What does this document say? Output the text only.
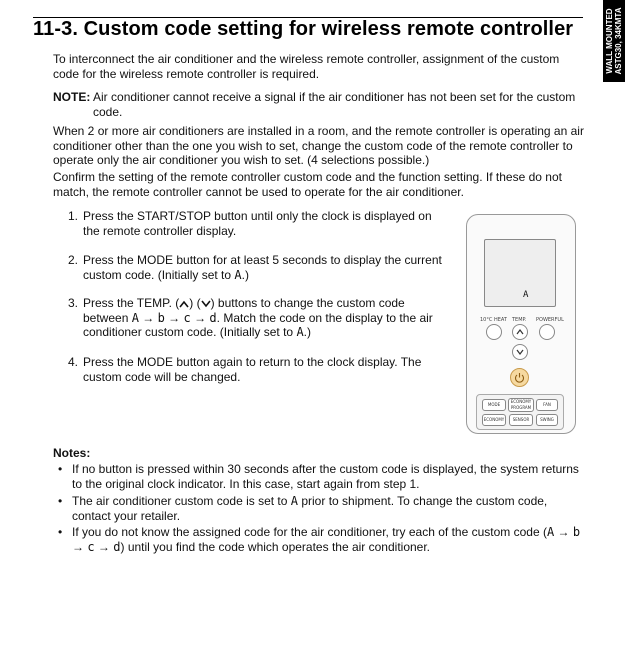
WALL MOUNTED ASTG30, 34KMTA
11-3. Custom code setting for wireless remote controller

To interconnect the air conditioner and the wireless remote controller, assignment of the custom code for the wireless remote controller is required.

NOTE: Air conditioner cannot receive a signal if the air conditioner has not been set for the custom
code.

When 2 or more air conditioners are installed in a room, and the remote controller is operating an air conditioner other than the one you wish to set, change the custom code of the remote controller to operate only the air conditioner you wish to set. (4 selections possible.)

Confirm the setting of the remote controller custom code and the function setting. If these do not match, the remote controller cannot be used to operate for the air conditioner.

1. Press the START/STOP button until only the clock is displayed on
the remote controller display.
2. Press the MODE button for at least 5 seconds to display the current
custom code. (Initially set to A.)
3. Press the TEMP. ( ) ( ) buttons to change the custom code
between A → b → c → d. Match the code on the display to the air
conditioner custom code. (Initially set to A.)
4. Press the MODE button again to return to the clock display. The
custom code will be changed.
A
10°C HEAT TEMP. POWERFUL
MODE
ECONOMY PROGRAM
FAN
ECONOMY	SENSOR	SWING
Notes:
• If no button is pressed within 30 seconds after the custom code is displayed, the system returns
to the original clock indicator. In this case, start again from step 1.
• The air conditioner custom code is set to A prior to shipment. To change the custom code,
contact your retailer.
• If you do not know the assigned code for the air conditioner, try each of the custom code (A → b
→ c → d) until you find the code which operates the air conditioner.
